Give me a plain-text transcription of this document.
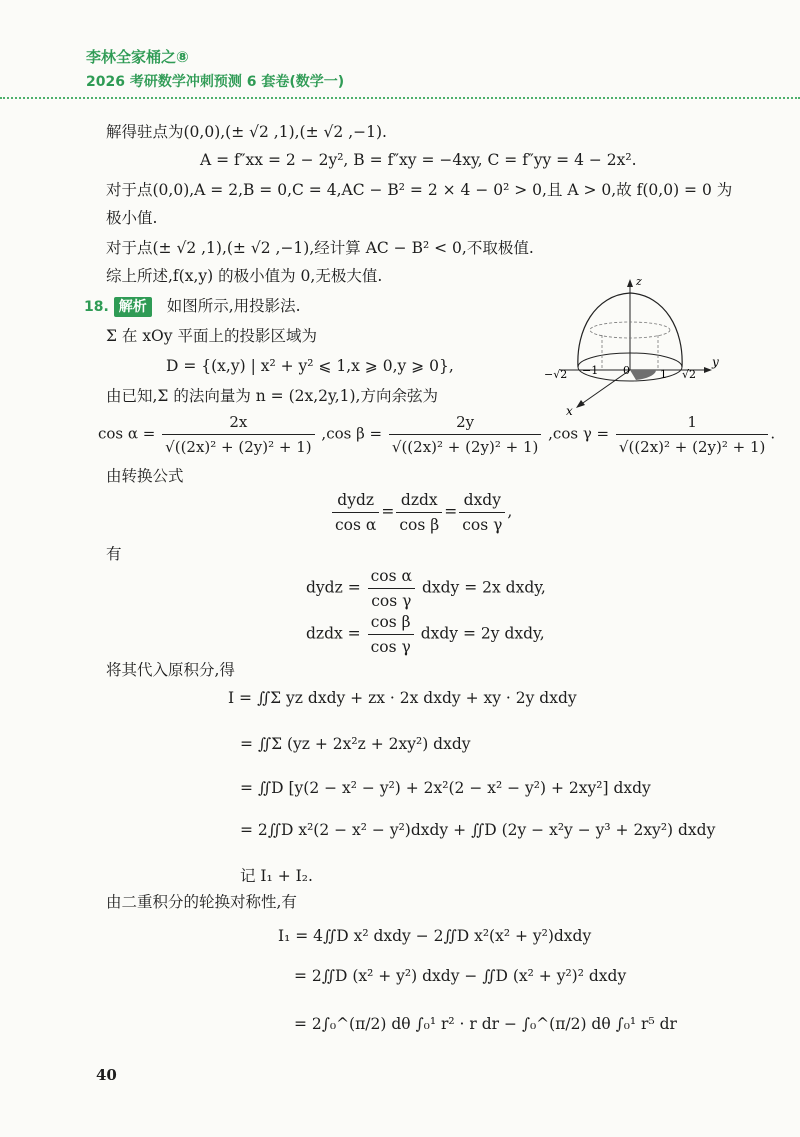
李林全家桶之⑧
2026 考研数学冲刺预测 6 套卷(数学一)
解得驻点为(0,0),(± √2 ,1),(± √2 ,−1).
A = f″xx = 2 − 2y², B = f″xy = −4xy, C = f″yy = 4 − 2x².
对于点(0,0),A = 2,B = 0,C = 4,AC − B² = 2 × 4 − 0² > 0,且 A > 0,故 f(0,0) = 0 为
极小值.
对于点(± √2 ,1),(± √2 ,−1),经计算 AC − B² < 0,不取极值.
综上所述,f(x,y) 的极小值为 0,无极大值.
18. 解析 如图所示,用投影法.
Σ 在 xOy 平面上的投影区域为
D = {(x,y) | x² + y² ⩽ 1,x ⩾ 0,y ⩾ 0},
由已知,Σ 的法向量为 n = (2x,2y,1),方向余弦为
$\cos \alpha = \frac{2x}{\text{√((2x)² + (2y)² + 1)}} ,\cos$ $\beta = \frac{2y}{\text{√((2x)² + (2y)² + 1)}} ,\cos$ $\gamma = \frac{1}{\text{√((2x)² + (2y)² + 1)}}$ .
由转换公式
$\frac{\text{dydz}}{\text{cos α}} = \frac{\text{dzdx}}{\text{cos β}} = \frac{\text{dxdy}}{\text{cos γ}}$ ,
有
dydz = $\frac{\text{cos α}}{\text{cos γ}}$ dxdy = 2x dxdy,
dzdx = $\frac{\text{cos β}}{\text{cos γ}}$ dxdy = 2y dxdy,
将其代入原积分,得
I = ∬Σ yz dxdy + zx · 2x dxdy + xy · 2y dxdy
= ∬Σ (yz + 2x²z + 2xy²) dxdy
= ∬D [y(2 − x² − y²) + 2x²(2 − x² − y²) + 2xy²] dxdy
= 2∬D x²(2 − x² − y²)dxdy + ∬D (2y − x²y − y³ + 2xy²) dxdy
记 I₁ + I₂.
由二重积分的轮换对称性,有
I₁ = 4∬D x² dxdy − 2∬D x²(x² + y²)dxdy
= 2∬D (x² + y²) dxdy − ∬D (x² + y²)² dxdy
= 2∫₀^(π/2) dθ ∫₀¹ r² · r dr − ∫₀^(π/2) dθ ∫₀¹ r⁵ dr
40
z
y
x
0
−√2 −1	1 √2
